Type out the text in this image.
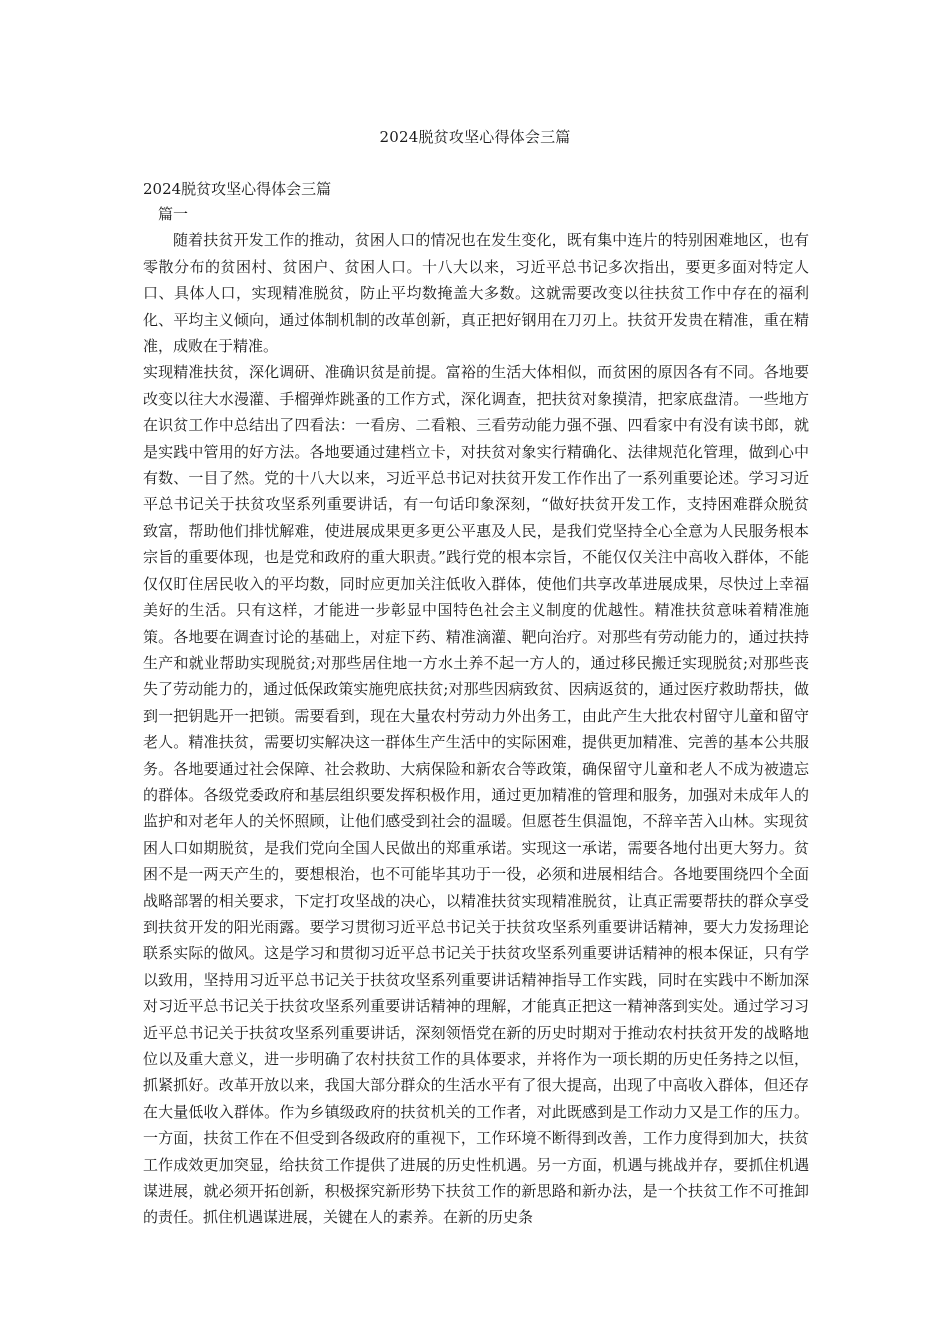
2024脱贫攻坚心得体会三篇

2024脱贫攻坚心得体会三篇

篇一

随着扶贫开发工作的推动，贫困人口的情况也在发生变化，既有集中连片的特别困难地区，也有零散分布的贫困村、贫困户、贫困人口。十八大以来，习近平总书记多次指出，要更多面对特定人口、具体人口，实现精准脱贫，防止平均数掩盖大多数。这就需要改变以往扶贫工作中存在的福利化、平均主义倾向，通过体制机制的改革创新，真正把好钢用在刀刃上。扶贫开发贵在精准，重在精准，成败在于精准。

实现精准扶贫，深化调研、准确识贫是前提。富裕的生活大体相似，而贫困的原因各有不同。各地要改变以往大水漫灌、手榴弹炸跳蚤的工作方式，深化调查，把扶贫对象摸清，把家底盘清。一些地方在识贫工作中总结出了四看法：一看房、二看粮、三看劳动能力强不强、四看家中有没有读书郎，就是实践中管用的好方法。各地要通过建档立卡，对扶贫对象实行精确化、法律规范化管理，做到心中有数、一目了然。党的十八大以来，习近平总书记对扶贫开发工作作出了一系列重要论述。学习习近平总书记关于扶贫攻坚系列重要讲话，有一句话印象深刻，“做好扶贫开发工作，支持困难群众脱贫致富，帮助他们排忧解难，使进展成果更多更公平惠及人民，是我们党坚持全心全意为人民服务根本宗旨的重要体现，也是党和政府的重大职责。”践行党的根本宗旨，不能仅仅关注中高收入群体，不能仅仅盯住居民收入的平均数，同时应更加关注低收入群体，使他们共享改革进展成果，尽快过上幸福美好的生活。只有这样，才能进一步彰显中国特色社会主义制度的优越性。精准扶贫意味着精准施策。各地要在调查讨论的基础上，对症下药、精准滴灌、靶向治疗。对那些有劳动能力的，通过扶持生产和就业帮助实现脱贫;对那些居住地一方水土养不起一方人的，通过移民搬迁实现脱贫;对那些丧失了劳动能力的，通过低保政策实施兜底扶贫;对那些因病致贫、因病返贫的，通过医疗救助帮扶，做到一把钥匙开一把锁。需要看到，现在大量农村劳动力外出务工，由此产生大批农村留守儿童和留守老人。精准扶贫，需要切实解决这一群体生产生活中的实际困难，提供更加精准、完善的基本公共服务。各地要通过社会保障、社会救助、大病保险和新农合等政策，确保留守儿童和老人不成为被遗忘的群体。各级党委政府和基层组织要发挥积极作用，通过更加精准的管理和服务，加强对未成年人的监护和对老年人的关怀照顾，让他们感受到社会的温暖。但愿苍生俱温饱，不辞辛苦入山林。实现贫困人口如期脱贫，是我们党向全国人民做出的郑重承诺。实现这一承诺，需要各地付出更大努力。贫困不是一两天产生的，要想根治，也不可能毕其功于一役，必须和进展相结合。各地要围绕四个全面战略部署的相关要求，下定打攻坚战的决心，以精准扶贫实现精准脱贫，让真正需要帮扶的群众享受到扶贫开发的阳光雨露。要学习贯彻习近平总书记关于扶贫攻坚系列重要讲话精神，要大力发扬理论联系实际的做风。这是学习和贯彻习近平总书记关于扶贫攻坚系列重要讲话精神的根本保证，只有学以致用，坚持用习近平总书记关于扶贫攻坚系列重要讲话精神指导工作实践，同时在实践中不断加深对习近平总书记关于扶贫攻坚系列重要讲话精神的理解，才能真正把这一精神落到实处。通过学习习近平总书记关于扶贫攻坚系列重要讲话，深刻领悟党在新的历史时期对于推动农村扶贫开发的战略地位以及重大意义，进一步明确了农村扶贫工作的具体要求，并将作为一项长期的历史任务持之以恒，抓紧抓好。改革开放以来，我国大部分群众的生活水平有了很大提高，出现了中高收入群体，但还存在大量低收入群体。作为乡镇级政府的扶贫机关的工作者，对此既感到是工作动力又是工作的压力。一方面，扶贫工作在不但受到各级政府的重视下，工作环境不断得到改善，工作力度得到加大，扶贫工作成效更加突显，给扶贫工作提供了进展的历史性机遇。另一方面，机遇与挑战并存，要抓住机遇谋进展，就必须开拓创新，积极探究新形势下扶贫工作的新思路和新办法，是一个扶贫工作不可推卸的责任。抓住机遇谋进展，关键在人的素养。在新的历史条
